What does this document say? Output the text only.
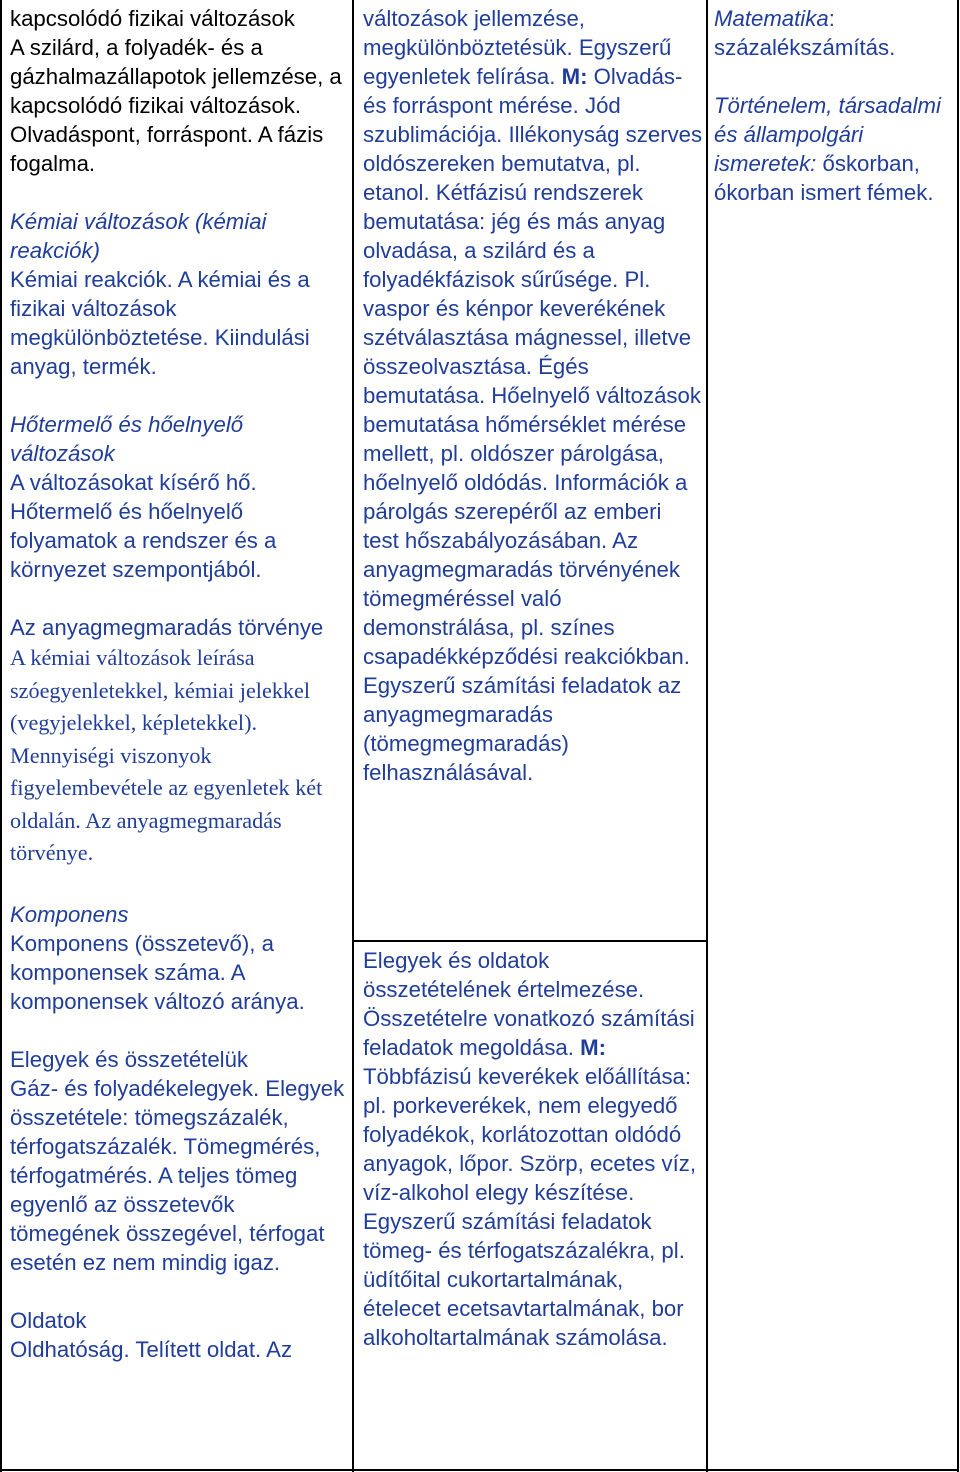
kapcsolódó fizikai változások
A szilárd, a folyadék- és a gázhalmazállapotok jellemzése, a kapcsolódó fizikai változások. Olvadáspont, forráspont. A fázis fogalma.

Kémiai változások (kémiai reakciók)
Kémiai reakciók. A kémiai és a fizikai változások megkülönböztetése. Kiindulási anyag, termék.

Hőtermelő és hőelnyelő változások
A változásokat kísérő hő. Hőtermelő és hőelnyelő folyamatok a rendszer és a környezet szempontjából.

Az anyagmegmaradás törvénye
A kémiai változások leírása szóegyenletekkel, kémiai jelekkel (vegyjelekkel, képletekkel). Mennyiségi viszonyok figyelembevétele az egyenletek két oldalán. Az anyagmegmaradás törvénye.

Komponens
Komponens (összetevő), a komponensek száma. A komponensek változó aránya.

Elegyek és összetételük
Gáz- és folyadékelegyek. Elegyek összetétele: tömegszázalék, térfogatszázalék. Tömegmérés, térfogatmérés. A teljes tömeg egyenlő az összetevők tömegének összegével, térfogat esetén ez nem mindig igaz.

Oldatok
Oldhatóság. Telített oldat. Az

változások jellemzése, megkülönböztetésük. Egyszerű egyenletek felírása. M: Olvadás- és forráspont mérése. Jód szublimációja. Illékonyság szerves oldószereken bemutatva, pl. etanol. Kétfázisú rendszerek bemutatása: jég és más anyag olvadása, a szilárd és a folyadékfázisok sűrűsége. Pl. vaspor és kénpor keverékének szétválasztása mágnessel, illetve összeolvasztása. Égés bemutatása. Hőelnyelő változások bemutatása hőmérséklet mérése mellett, pl. oldószer párolgása, hőelnyelő oldódás. Információk a párolgás szerepéről az emberi test hőszabályozásában. Az anyagmegmaradás törvényének tömegméréssel való demonstrálása, pl. színes csapadékképződési reakciókban. Egyszerű számítási feladatok az anyagmegmaradás (tömegmegmaradás) felhasználásával.

Elegyek és oldatok összetételének értelmezése. Összetételre vonatkozó számítási feladatok megoldása. M: Többfázisú keverékek előállítása: pl. porkeverékek, nem elegyedő folyadékok, korlátozottan oldódó anyagok, lőpor. Szörp, ecetes víz, víz-alkohol elegy készítése. Egyszerű számítási feladatok tömeg- és térfogatszázalékra, pl. üdítőital cukortartalmának, ételecet ecetsavtartalmának, bor alkoholtartalmának számolása.

Matematika: százalékszámítás.

Történelem, társadalmi és állampolgári ismeretek: őskorban, ókorban ismert fémek.
